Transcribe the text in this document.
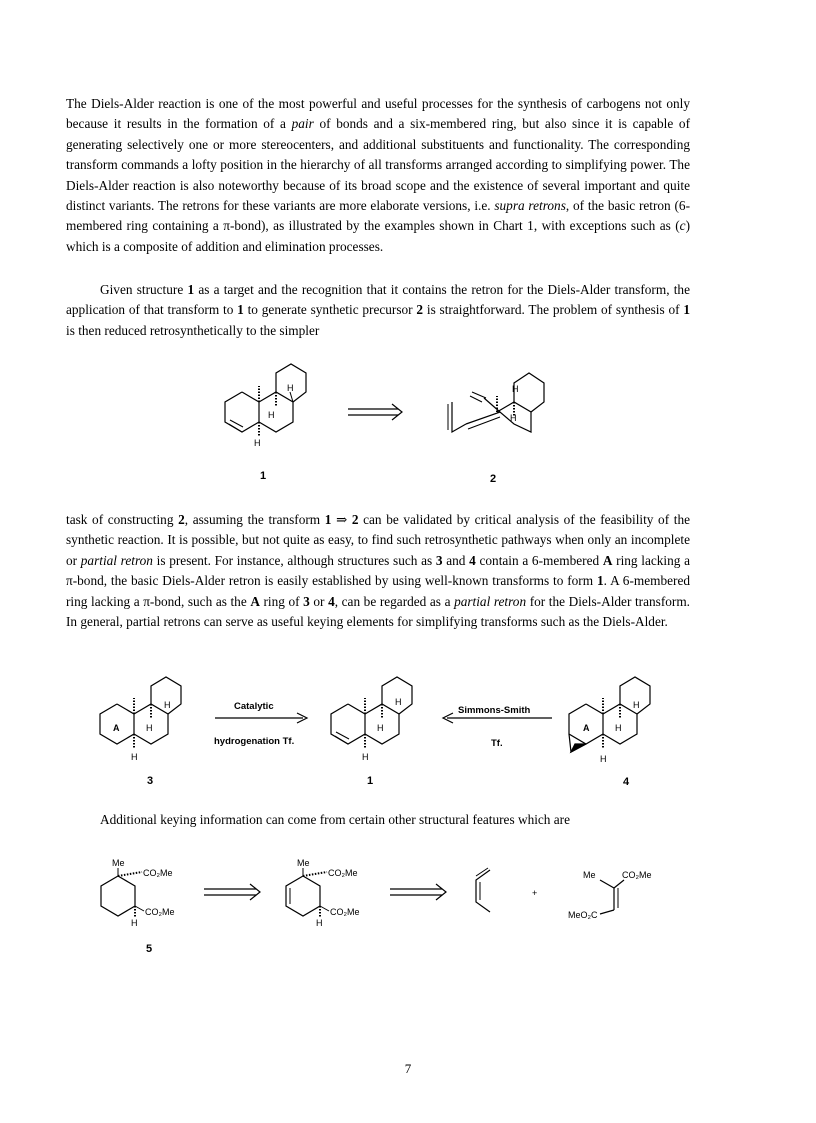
The Diels-Alder reaction is one of the most powerful and useful processes for the synthesis of carbogens not only because it results in the formation of a pair of bonds and a six-membered ring, but also since it is capable of generating selectively one or more stereocenters, and additional substituents and functionality. The corresponding transform commands a lofty position in the hierarchy of all transforms arranged according to simplifying power. The Diels-Alder reaction is also noteworthy because of its broad scope and the existence of several important and quite distinct variants. The retrons for these variants are more elaborate versions, i.e. supra retrons, of the basic retron (6-membered ring containing a π-bond), as illustrated by the examples shown in Chart 1, with exceptions such as (c) which is a composite of addition and elimination processes.

Given structure 1 as a target and the recognition that it contains the retron for the Diels-Alder transform, the application of that transform to 1 to generate synthetic precursor 2 is straightforward. The problem of synthesis of 1 is then reduced retrosynthetically to the simpler

H
H
H
H
H
1	2

task of constructing 2, assuming the transform 1 ⇒ 2 can be validated by critical analysis of the feasibility of the synthetic reaction. It is possible, but not quite as easy, to find such retrosynthetic pathways when only an incomplete or partial retron is present. For instance, although structures such as 3 and 4 contain a 6-membered A ring lacking a π-bond, the basic Diels-Alder retron is easily established by using well-known transforms to form 1. A 6-membered ring lacking a π-bond, such as the A ring of 3 or 4, can be regarded as a partial retron for the Diels-Alder transform. In general, partial retrons can serve as useful keying elements for simplifying transforms such as the Diels-Alder.

A
H
H
H
Catalytic
hydrogenation Tf.
H
H
H
Simmons-Smith
Tf.
A
H
H
H
3	1	4

Additional keying information can come from certain other structural features which are

Me
CO₂Me
CO₂Me
H
5
Me
CO₂Me
CO₂Me
H
+
Me	CO₂Me
MeO₂C
7
